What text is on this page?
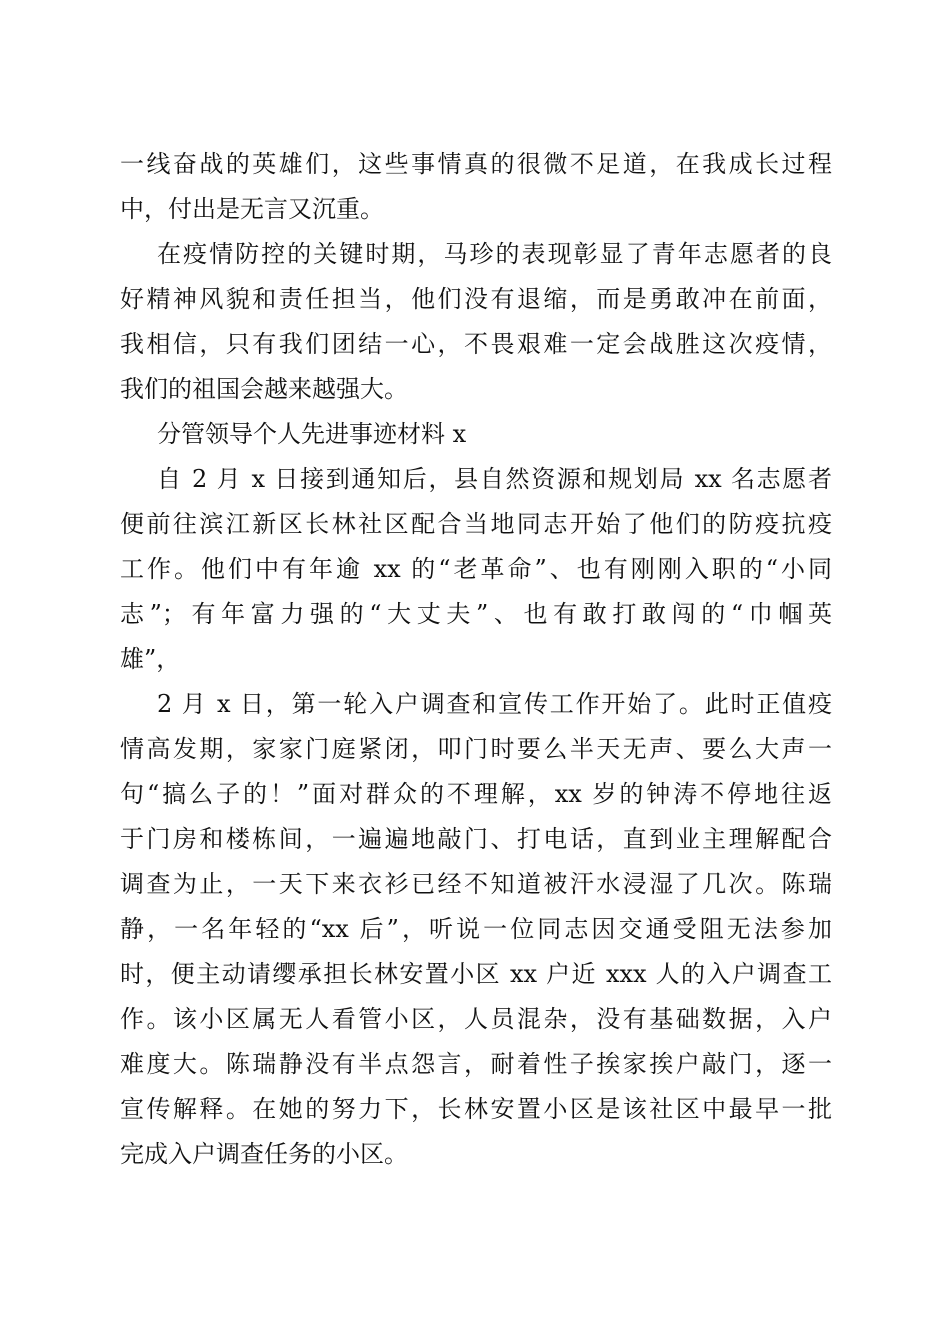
一线奋战的英雄们，这些事情真的很微不足道，在我成长过程
中，付出是无言又沉重。
在疫情防控的关键时期，马珍的表现彰显了青年志愿者的良
好精神风貌和责任担当，他们没有退缩，而是勇敢冲在前面，
我相信，只有我们团结一心，不畏艰难一定会战胜这次疫情，
我们的祖国会越来越强大。
分管领导个人先进事迹材料 x
自 2 月 x 日接到通知后，县自然资源和规划局 xx 名志愿者
便前往滨江新区长林社区配合当地同志开始了他们的防疫抗疫
工作。他们中有年逾 xx 的“老革命”、也有刚刚入职的“小同
志”；有年富力强的“大丈夫”、也有敢打敢闯的“巾帼英
雄”，
2 月 x 日，第一轮入户调查和宣传工作开始了。此时正值疫
情高发期，家家门庭紧闭，叩门时要么半天无声、要么大声一
句“搞么子的！”面对群众的不理解，xx 岁的钟涛不停地往返
于门房和楼栋间，一遍遍地敲门、打电话，直到业主理解配合
调查为止，一天下来衣衫已经不知道被汗水浸湿了几次。陈瑞
静，一名年轻的“xx 后”，听说一位同志因交通受阻无法参加
时，便主动请缨承担长林安置小区 xx 户近 xxx 人的入户调查工
作。该小区属无人看管小区，人员混杂，没有基础数据，入户
难度大。陈瑞静没有半点怨言，耐着性子挨家挨户敲门，逐一
宣传解释。在她的努力下，长林安置小区是该社区中最早一批
完成入户调查任务的小区。
